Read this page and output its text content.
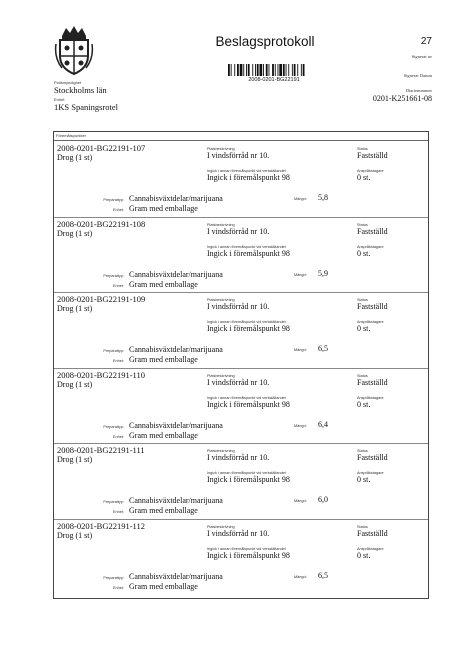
Polismyndighet
Stockholms län
Enhet
1KS Spaningsrotel
Beslagsprotokoll
2008-0201-BG22191
27
Signerat av
Signerat Datum
Diarienummer
0201-K251661-08
Föremålspunkter
2008-0201-BG22191-107
Drog (1 st)
Platsbeskrivning
I vindsförråd nr 10.
Status
Fastställd
Ingick i annan föremålspunkt vid verkställandet
Ingick i föremålspunkt 98
Anspråkstagare
0 st.
Preparattyp: Cannabisväxtdelar/marijuana	Mängd: 5,8
Enhet: Gram med emballage
2008-0201-BG22191-108
Drog (1 st)
Platsbeskrivning
I vindsförråd nr 10.
Status
Fastställd
Ingick i annan föremålspunkt vid verkställandet
Ingick i föremålspunkt 98
Anspråkstagare
0 st.
Preparattyp: Cannabisväxtdelar/marijuana	Mängd: 5,9
Enhet: Gram med emballage
2008-0201-BG22191-109
Drog (1 st)
Platsbeskrivning
I vindsförråd nr 10.
Status
Fastställd
Ingick i annan föremålspunkt vid verkställandet
Ingick i föremålspunkt 98
Anspråkstagare
0 st.
Preparattyp: Cannabisväxtdelar/marijuana	Mängd: 6,5
Enhet: Gram med emballage
2008-0201-BG22191-110
Drog (1 st)
Platsbeskrivning
I vindsförråd nr 10.
Status
Fastställd
Ingick i annan föremålspunkt vid verkställandet
Ingick i föremålspunkt 98
Anspråkstagare
0 st.
Preparattyp: Cannabisväxtdelar/marijuana	Mängd: 6,4
Enhet: Gram med emballage
2008-0201-BG22191-111
Drog (1 st)
Platsbeskrivning
I vindsförråd nr 10.
Status
Fastställd
Ingick i annan föremålspunkt vid verkställandet
Ingick i föremålspunkt 98
Anspråkstagare
0 st.
Preparattyp: Cannabisväxtdelar/marijuana	Mängd: 6,0
Enhet: Gram med emballage
2008-0201-BG22191-112
Drog (1 st)
Platsbeskrivning
I vindsförråd nr 10.
Status
Fastställd
Ingick i annan föremålspunkt vid verkställandet
Ingick i föremålspunkt 98
Anspråkstagare
0 st.
Preparattyp: Cannabisväxtdelar/marijuana	Mängd: 6,5
Enhet: Gram med emballage
